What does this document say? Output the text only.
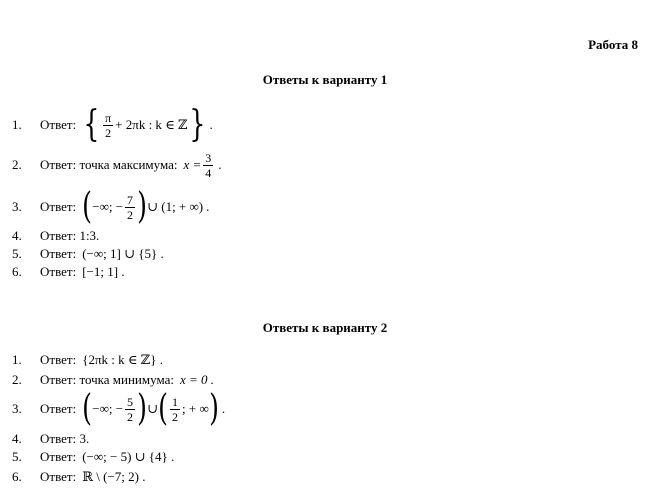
Работа 8
Ответы к варианту 1
1.	Ответ: { $\frac{\pi}{2} + 2\pi k$ : k ∈ ℤ } .
2.	Ответ: точка максимума: $x = \frac{3}{4}$ .
3.	Ответ: ( −∞; − $\frac{7}{2}$ ) ∪ (1; + ∞) .
4.	Ответ: 1:3.
5.	Ответ: (−∞; 1] ∪ {5} .
6.	Ответ: [−1; 1] .
Ответы к варианту 2
1.	Ответ: {2πk : k ∈ ℤ} .
2.	Ответ: точка минимума: x = 0 .
3.	Ответ: ( −∞; − $\frac{5}{2}$ ) ∪ ( $\frac{1}{2}$ ; + ∞ ) .
4.	Ответ: 3.
5.	Ответ: (−∞; − 5) ∪ {4} .
6.	Ответ: ℝ \ (−7; 2) .
